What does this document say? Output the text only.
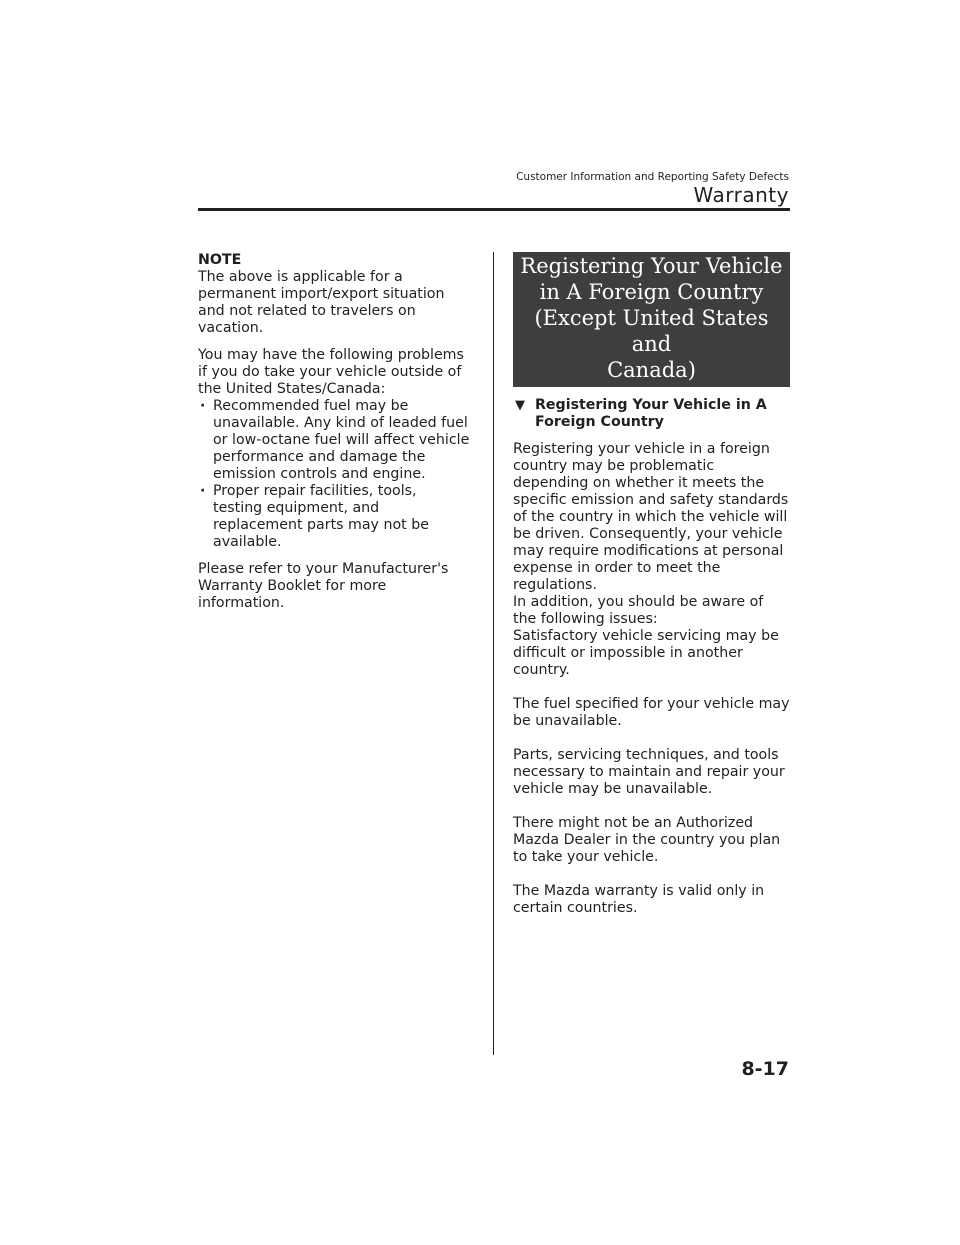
Customer Information and Reporting Safety Defects
Warranty

NOTE

The above is applicable for a permanent import/export situation and not related to travelers on vacation.

You may have the following problems if you do take your vehicle outside of the United States/Canada:

· Recommended fuel may be unavailable. Any kind of leaded fuel or low-octane fuel will affect vehicle performance and damage the emission controls and engine.
· Proper repair facilities, tools, testing equipment, and replacement parts may not be available.

Please refer to your Manufacturer's Warranty Booklet for more information.

Registering Your Vehicle
in A Foreign Country
(Except United States and
Canada)
▼ Registering Your Vehicle in A Foreign Country

Registering your vehicle in a foreign country may be problematic depending on whether it meets the specific emission and safety standards of the country in which the vehicle will be driven. Consequently, your vehicle may require modifications at personal expense in order to meet the regulations.

In addition, you should be aware of the following issues:

Satisfactory vehicle servicing may be difficult or impossible in another country.

The fuel specified for your vehicle may be unavailable.

Parts, servicing techniques, and tools necessary to maintain and repair your vehicle may be unavailable.

There might not be an Authorized Mazda Dealer in the country you plan to take your vehicle.

The Mazda warranty is valid only in certain countries.

8-17
